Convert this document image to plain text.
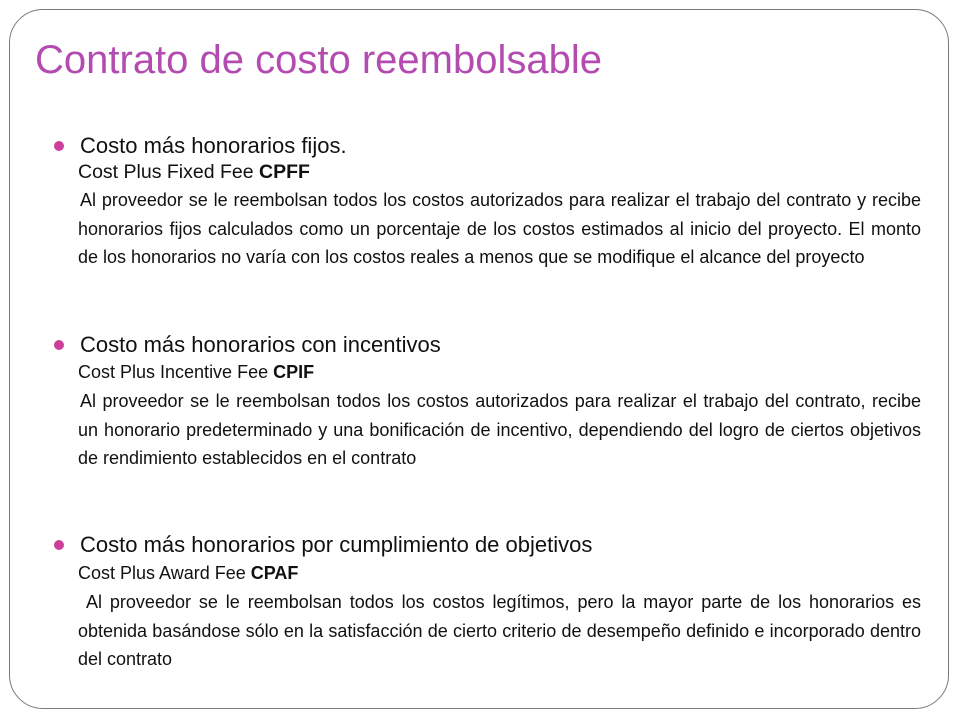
Contrato de costo reembolsable
Costo más honorarios fijos.
Cost Plus Fixed Fee CPFF
Al proveedor se le reembolsan todos los costos autorizados para realizar el trabajo del contrato y recibe honorarios fijos calculados como un porcentaje de los costos estimados al inicio del proyecto. El monto de los honorarios no varía con los costos reales a menos que se modifique el alcance del proyecto
Costo más honorarios con incentivos
Cost Plus Incentive Fee CPIF
Al proveedor se le reembolsan todos los costos autorizados para realizar el trabajo del contrato, recibe un honorario predeterminado y una bonificación de incentivo, dependiendo del logro de ciertos objetivos de rendimiento establecidos en el contrato
Costo más honorarios por cumplimiento de objetivos
Cost Plus Award Fee CPAF
Al proveedor se le reembolsan todos los costos legítimos, pero la mayor parte de los honorarios es obtenida basándose sólo en la satisfacción de cierto criterio de desempeño definido e incorporado dentro del contrato
